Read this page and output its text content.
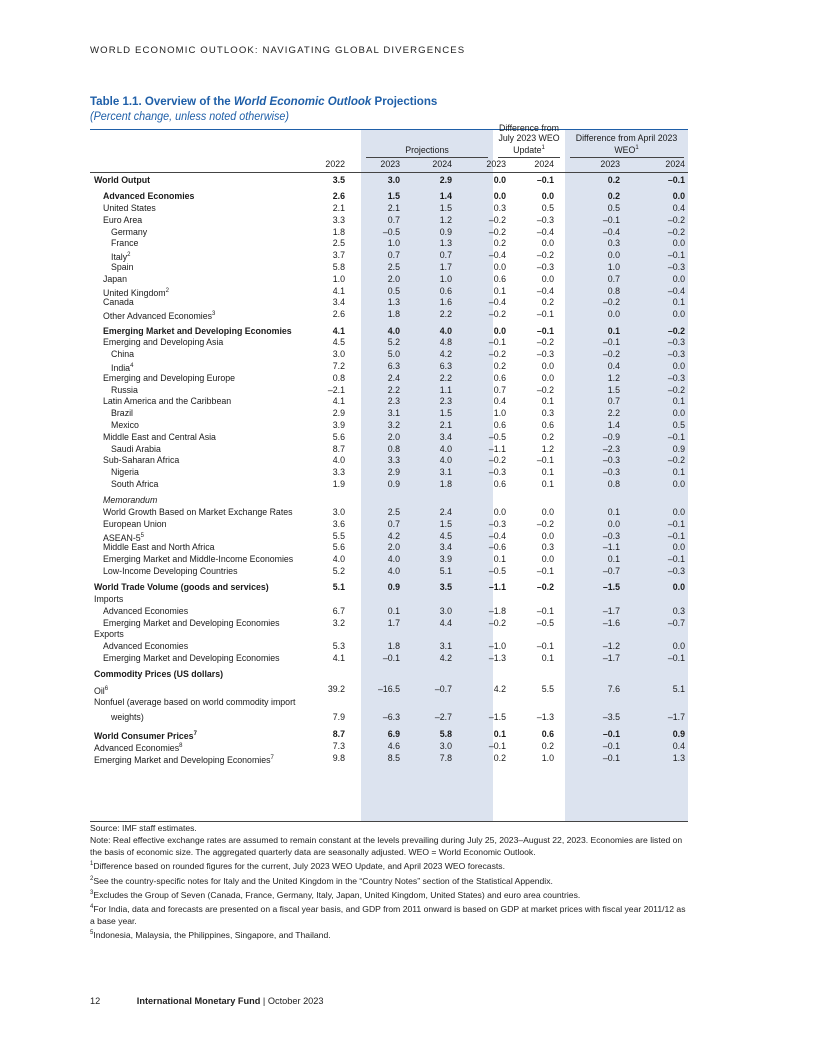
WORLD ECONOMIC OUTLOOK: NAVIGATING GLOBAL DIVERGENCES
Table 1.1. Overview of the World Economic Outlook Projections
(Percent change, unless noted otherwise)
Projections
Difference from July 2023 WEO Update$^1$
Difference from April 2023 WEO$^1$
2022	2023	2024	2023	2024	2023	2024
World Output	3.5	3.0	2.9	0.0	–0.1	0.2	–0.1
Advanced Economies	2.6	1.5	1.4	0.0	0.0	0.2	0.0
United States	2.1	2.1	1.5	0.3	0.5	0.5	0.4
Euro Area	3.3	0.7	1.2	–0.2	–0.3	–0.1	–0.2
Germany	1.8	–0.5	0.9	–0.2	–0.4	–0.4	–0.2
France	2.5	1.0	1.3	0.2	0.0	0.3	0.0
Italy$^2$	3.7	0.7	0.7	–0.4	–0.2	0.0	–0.1
Spain	5.8	2.5	1.7	0.0	–0.3	1.0	–0.3
Japan	1.0	2.0	1.0	0.6	0.0	0.7	0.0
United Kingdom$^2$	4.1	0.5	0.6	0.1	–0.4	0.8	–0.4
Canada	3.4	1.3	1.6	–0.4	0.2	–0.2	0.1
Other Advanced Economies$^3$	2.6	1.8	2.2	–0.2	–0.1	0.0	0.0
Emerging Market and Developing Economies	4.1	4.0	4.0	0.0	–0.1	0.1	–0.2
Emerging and Developing Asia	4.5	5.2	4.8	–0.1	–0.2	–0.1	–0.3
China	3.0	5.0	4.2	–0.2	–0.3	–0.2	–0.3
India$^4$	7.2	6.3	6.3	0.2	0.0	0.4	0.0
Emerging and Developing Europe	0.8	2.4	2.2	0.6	0.0	1.2	–0.3
Russia	–2.1	2.2	1.1	0.7	–0.2	1.5	–0.2
Latin America and the Caribbean	4.1	2.3	2.3	0.4	0.1	0.7	0.1
Brazil	2.9	3.1	1.5	1.0	0.3	2.2	0.0
Mexico	3.9	3.2	2.1	0.6	0.6	1.4	0.5
Middle East and Central Asia	5.6	2.0	3.4	–0.5	0.2	–0.9	–0.1
Saudi Arabia	8.7	0.8	4.0	–1.1	1.2	–2.3	0.9
Sub-Saharan Africa	4.0	3.3	4.0	–0.2	–0.1	–0.3	–0.2
Nigeria	3.3	2.9	3.1	–0.3	0.1	–0.3	0.1
South Africa	1.9	0.9	1.8	0.6	0.1	0.8	0.0
Memorandum
World Growth Based on Market Exchange Rates	3.0	2.5	2.4	0.0	0.0	0.1	0.0
European Union	3.6	0.7	1.5	–0.3	–0.2	0.0	–0.1
ASEAN-$5^5$	5.5	4.2	4.5	–0.4	0.0	–0.3	–0.1
Middle East and North Africa	5.6	2.0	3.4	–0.6	0.3	–1.1	0.0
Emerging Market and Middle-Income Economies	4.0	4.0	3.9	0.1	0.0	0.1	–0.1
Low-Income Developing Countries	5.2	4.0	5.1	–0.5	–0.1	–0.7	–0.3
World Trade Volume (goods and services)	5.1	0.9	3.5	–1.1	–0.2	–1.5	0.0
Imports
Advanced Economies	6.7	0.1	3.0	–1.8	–0.1	–1.7	0.3
Emerging Market and Developing Economies	3.2	1.7	4.4	–0.2	–0.5	–1.6	–0.7
Exports
Advanced Economies	5.3	1.8	3.1	–1.0	–0.1	–1.2	0.0
Emerging Market and Developing Economies	4.1	–0.1	4.2	–1.3	0.1	–1.7	–0.1
Commodity Prices (US dollars)
Oil$^6$	39.2	–16.5	–0.7	4.2	5.5	7.6	5.1
Nonfuel (average based on world commodity import
weights)	7.9	–6.3	–2.7	–1.5	–1.3	–3.5	–1.7
World Consumer Prices$^7$	8.7	6.9	5.8	0.1	0.6	–0.1	0.9
Advanced Economies$^8$	7.3	4.6	3.0	–0.1	0.2	–0.1	0.4
Emerging Market and Developing Economies$^7$	9.8	8.5	7.8	0.2	1.0	–0.1	1.3

Source: IMF staff estimates.

Note: Real effective exchange rates are assumed to remain constant at the levels prevailing during July 25, 2023–August 22, 2023. Economies are listed on the basis of economic size. The aggregated quarterly data are seasonally adjusted. WEO = World Economic Outlook.

$^1$Difference based on rounded figures for the current, July 2023 WEO Update, and April 2023 WEO forecasts.

$^2$See the country-specific notes for Italy and the United Kingdom in the “Country Notes” section of the Statistical Appendix.

$^3$Excludes the Group of Seven (Canada, France, Germany, Italy, Japan, United Kingdom, United States) and euro area countries.

$^4$For India, data and forecasts are presented on a fiscal year basis, and GDP from 2011 onward is based on GDP at market prices with fiscal year 2011/12 as a base year.

$^5$Indonesia, Malaysia, the Philippines, Singapore, and Thailand.

12	International Monetary Fund | October 2023
